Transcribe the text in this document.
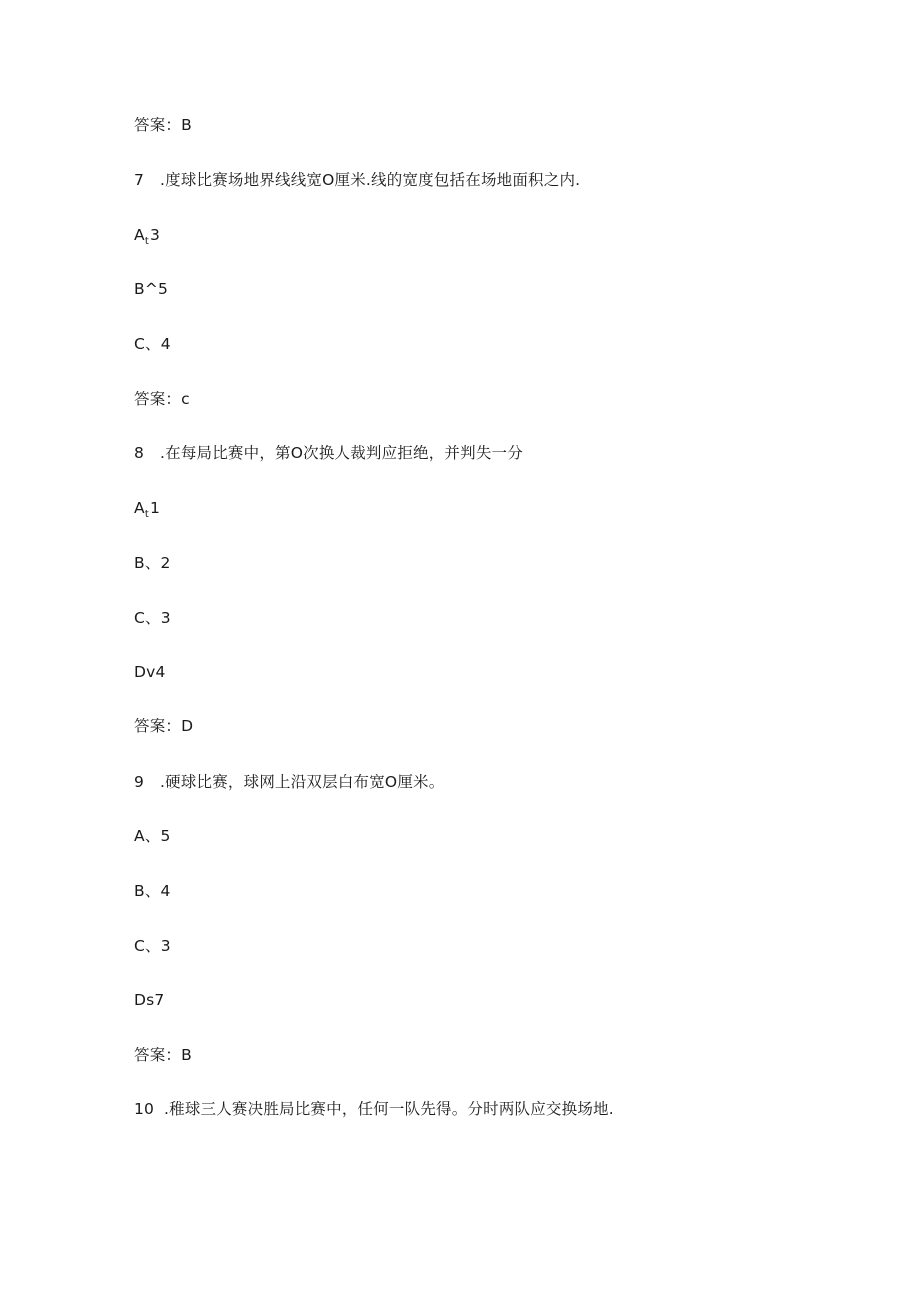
答案：B
7 .度球比赛场地界线线宽O厘米.线的宽度包括在场地面积之内.
$A_t3$
B^5
C、4
答案：c
8 .在每局比赛中，第O次换人裁判应拒绝，并判失一分
$A_t1$
B、2
C、3
Dv4
答案：D
9 .硬球比赛，球网上沿双层白布宽O厘米。
A、5
B、4
C、3
Ds7
答案：B
10 .稚球三人赛决胜局比赛中，任何一队先得。分时两队应交换场地.
